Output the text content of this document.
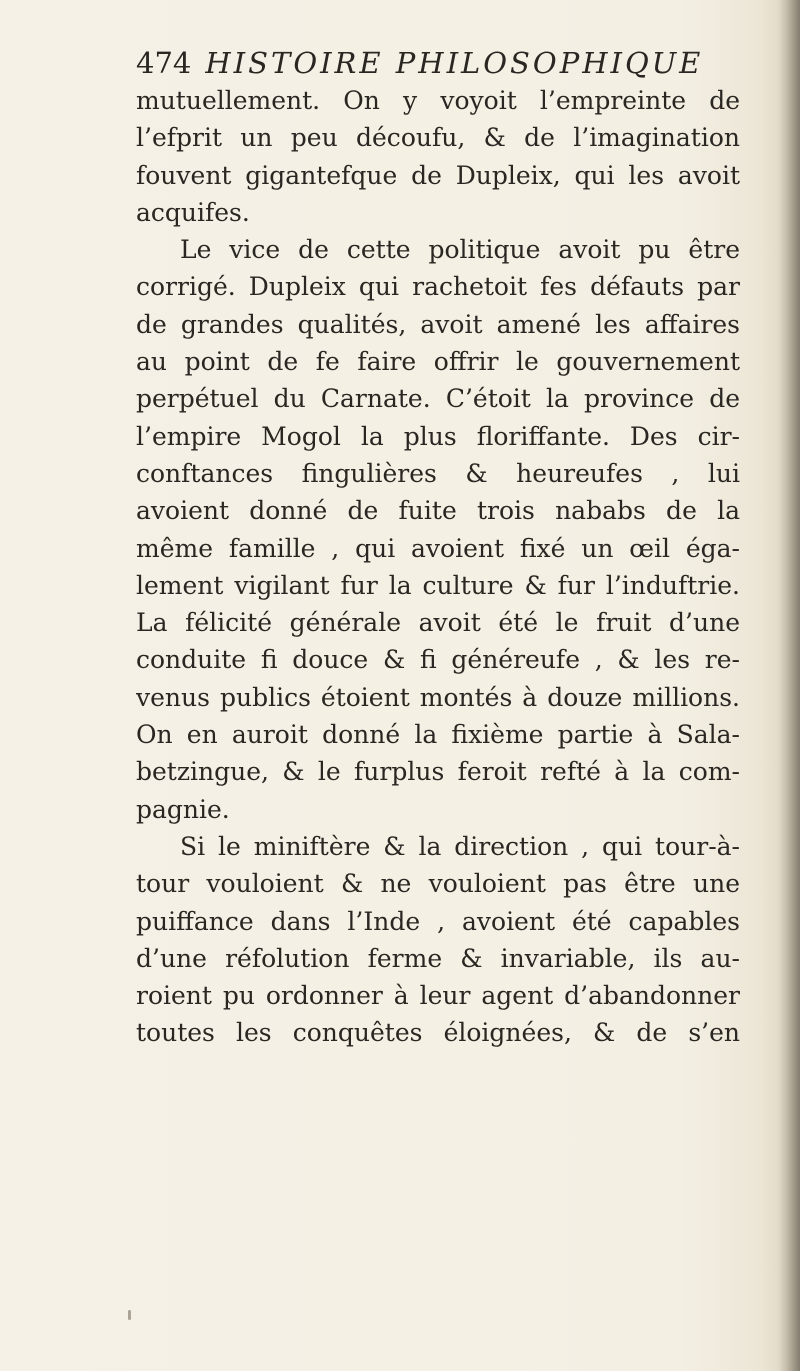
474 HISTOIRE PHILOSOPHIQUE
mutuellement. On y voyoit l’empreinte de
l’efprit un peu découfu, & de l’imagination
fouvent gigantefque de Dupleix, qui les avoit
acquifes.
Le vice de cette politique avoit pu être
corrigé. Dupleix qui rachetoit fes défauts par
de grandes qualités, avoit amené les affaires
au point de fe faire offrir le gouvernement
perpétuel du Carnate. C’étoit la province de
l’empire Mogol la plus floriffante. Des cir-
conftances fingulières & heureufes , lui
avoient donné de fuite trois nababs de la
même famille , qui avoient fixé un œil éga-
lement vigilant fur la culture & fur l’induftrie.
La félicité générale avoit été le fruit d’une
conduite fi douce & fi généreufe , & les re-
venus publics étoient montés à douze millions.
On en auroit donné la fixième partie à Sala-
betzingue, & le furplus feroit refté à la com-
pagnie.
Si le miniftère & la direction , qui tour-à-
tour vouloient & ne vouloient pas être une
puiffance dans l’Inde , avoient été capables
d’une réfolution ferme & invariable, ils au-
roient pu ordonner à leur agent d’abandonner
toutes les conquêtes éloignées, & de s’en
